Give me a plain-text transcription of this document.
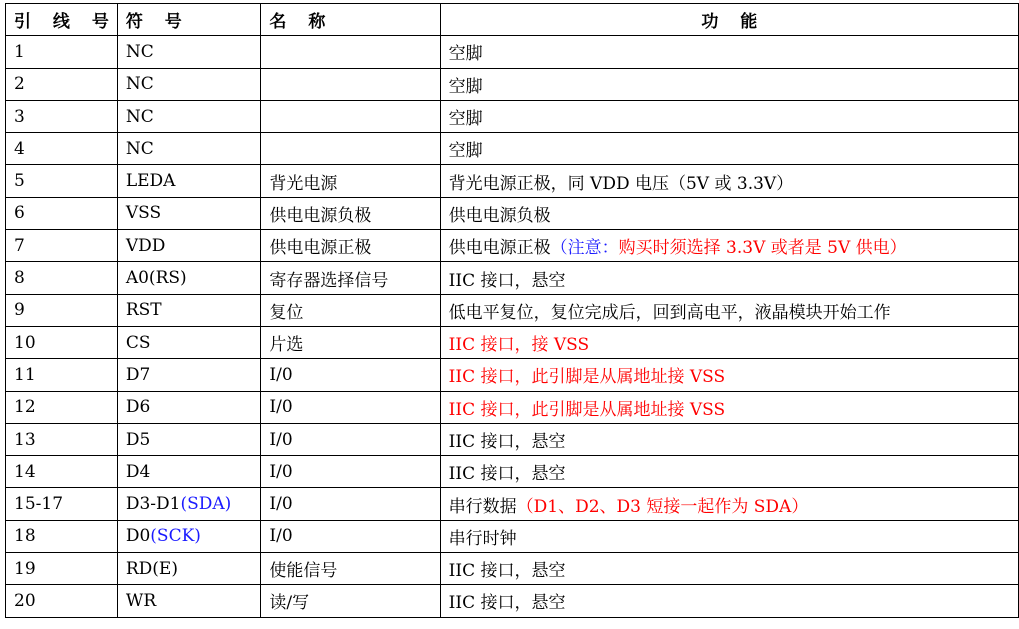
引 线 号	符 号	名 称	功 能
1	NC		空脚
2	NC		空脚
3	NC		空脚
4	NC		空脚
5	LEDA	背光电源	背光电源正极，同 VDD 电压（5V 或 3.3V）
6	VSS	供电电源负极	供电电源负极
7	VDD	供电电源正极	供电电源正极（注意：购买时须选择 3.3V 或者是 5V 供电）
8	A0(RS)	寄存器选择信号	IIC 接口，悬空
9	RST	复位	低电平复位，复位完成后，回到高电平，液晶模块开始工作
10	CS	片选	IIC 接口，接 VSS
11	D7	I/0	IIC 接口，此引脚是从属地址接 VSS
12	D6	I/0	IIC 接口，此引脚是从属地址接 VSS
13	D5	I/0	IIC 接口，悬空
14	D4	I/0	IIC 接口，悬空
15-17	D3-D1(SDA)	I/0	串行数据（D1、D2、D3 短接一起作为 SDA）
18	D0(SCK)	I/0	串行时钟
19	RD(E)	使能信号	IIC 接口，悬空
20	WR	读/写	IIC 接口，悬空
